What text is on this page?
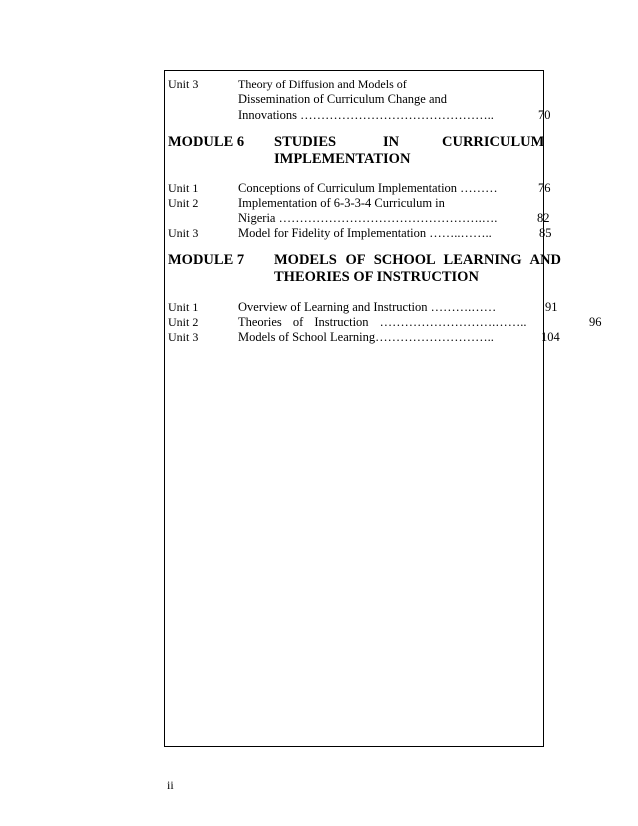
Unit 3	Theory of Diffusion and Models of
Dissemination of Curriculum Change and
Innovations ………………………………………..	70
MODULE 6 STUDIES	IN	CURRICULUM
IMPLEMENTATION
Unit 1	Conceptions of Curriculum Implementation ………	76
Unit 2	Implementation of 6-3-3-4 Curriculum in
Nigeria ………………………………………….….	82
Unit 3	Model for Fidelity of Implementation ……..……..	85
MODULE 7 MODELS OF SCHOOL LEARNING AND
THEORIES OF INSTRUCTION
Unit 1	Overview of Learning and Instruction ……….……	91
Unit 2	Theories of Instruction ……………………….……..	96
Unit 3	Models of School Learning………………………..	104
ii
